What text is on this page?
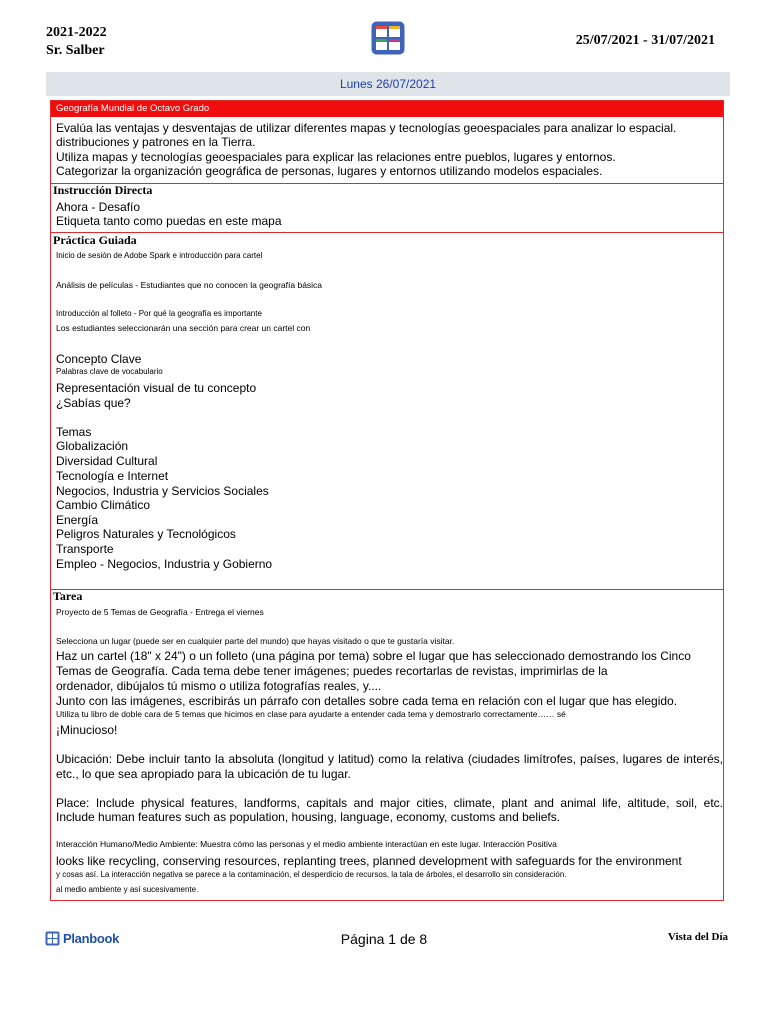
2021-2022
Sr. Salber
25/07/2021 - 31/07/2021
Lunes 26/07/2021
Geografía Mundial de Octavo Grado
Evalúa las ventajas y desventajas de utilizar diferentes mapas y tecnologías geoespaciales para analizar lo espacial.
distribuciones y patrones en la Tierra.
Utiliza mapas y tecnologías geoespaciales para explicar las relaciones entre pueblos, lugares y entornos.
Categorizar la organización geográfica de personas, lugares y entornos utilizando modelos espaciales.
Instrucción Directa
Ahora - Desafío
Etiqueta tanto como puedas en este mapa
Práctica Guiada
Inicio de sesión de Adobe Spark e introducción para cartel
Análisis de películas - Estudiantes que no conocen la geografía básica
Introducción al folleto - Por qué la geografía es importante
Los estudiantes seleccionarán una sección para crear un cartel con
Concepto Clave
Palabras clave de vocabulario
Representación visual de tu concepto
¿Sabías que?
Temas
Globalización
Diversidad Cultural
Tecnología e Internet
Negocios, Industria y Servicios Sociales
Cambio Climático
Energía
Peligros Naturales y Tecnológicos
Transporte
Empleo - Negocios, Industria y Gobierno
Tarea
Proyecto de 5 Temas de Geografía - Entrega el viernes
Selecciona un lugar (puede ser en cualquier parte del mundo) que hayas visitado o que te gustaría visitar.
Haz un cartel (18" x 24") o un folleto (una página por tema) sobre el lugar que has seleccionado demostrando los Cinco
Temas de Geografía. Cada tema debe tener imágenes; puedes recortarlas de revistas, imprimirlas de la
ordenador, dibújalos tú mismo o utiliza fotografías reales, y....
Junto con las imágenes, escribirás un párrafo con detalles sobre cada tema en relación con el lugar que has elegido.
Utiliza tu libro de doble cara de 5 temas que hicimos en clase para ayudarte a entender cada tema y demostrarlo correctamente…… sé
¡Minucioso!
Ubicación: Debe incluir tanto la absoluta (longitud y latitud) como la relativa (ciudades limítrofes, países, lugares de interés,
etc., lo que sea apropiado para la ubicación de tu lugar.
Place: Include physical features, landforms, capitals and major cities, climate, plant and animal life, altitude, soil, etc.
Include human features such as population, housing, language, economy, customs and beliefs.
Interacción Humano/Medio Ambiente: Muestra cómo las personas y el medio ambiente interactúan en este lugar. Interacción Positiva
looks like recycling, conserving resources, replanting trees, planned development with safeguards for the environment
y cosas así. La interacción negativa se parece a la contaminación, el desperdicio de recursos, la tala de árboles, el desarrollo sin consideración.
al medio ambiente y así sucesivamente.
Planbook	Página 1 de 8	Vista del Día
